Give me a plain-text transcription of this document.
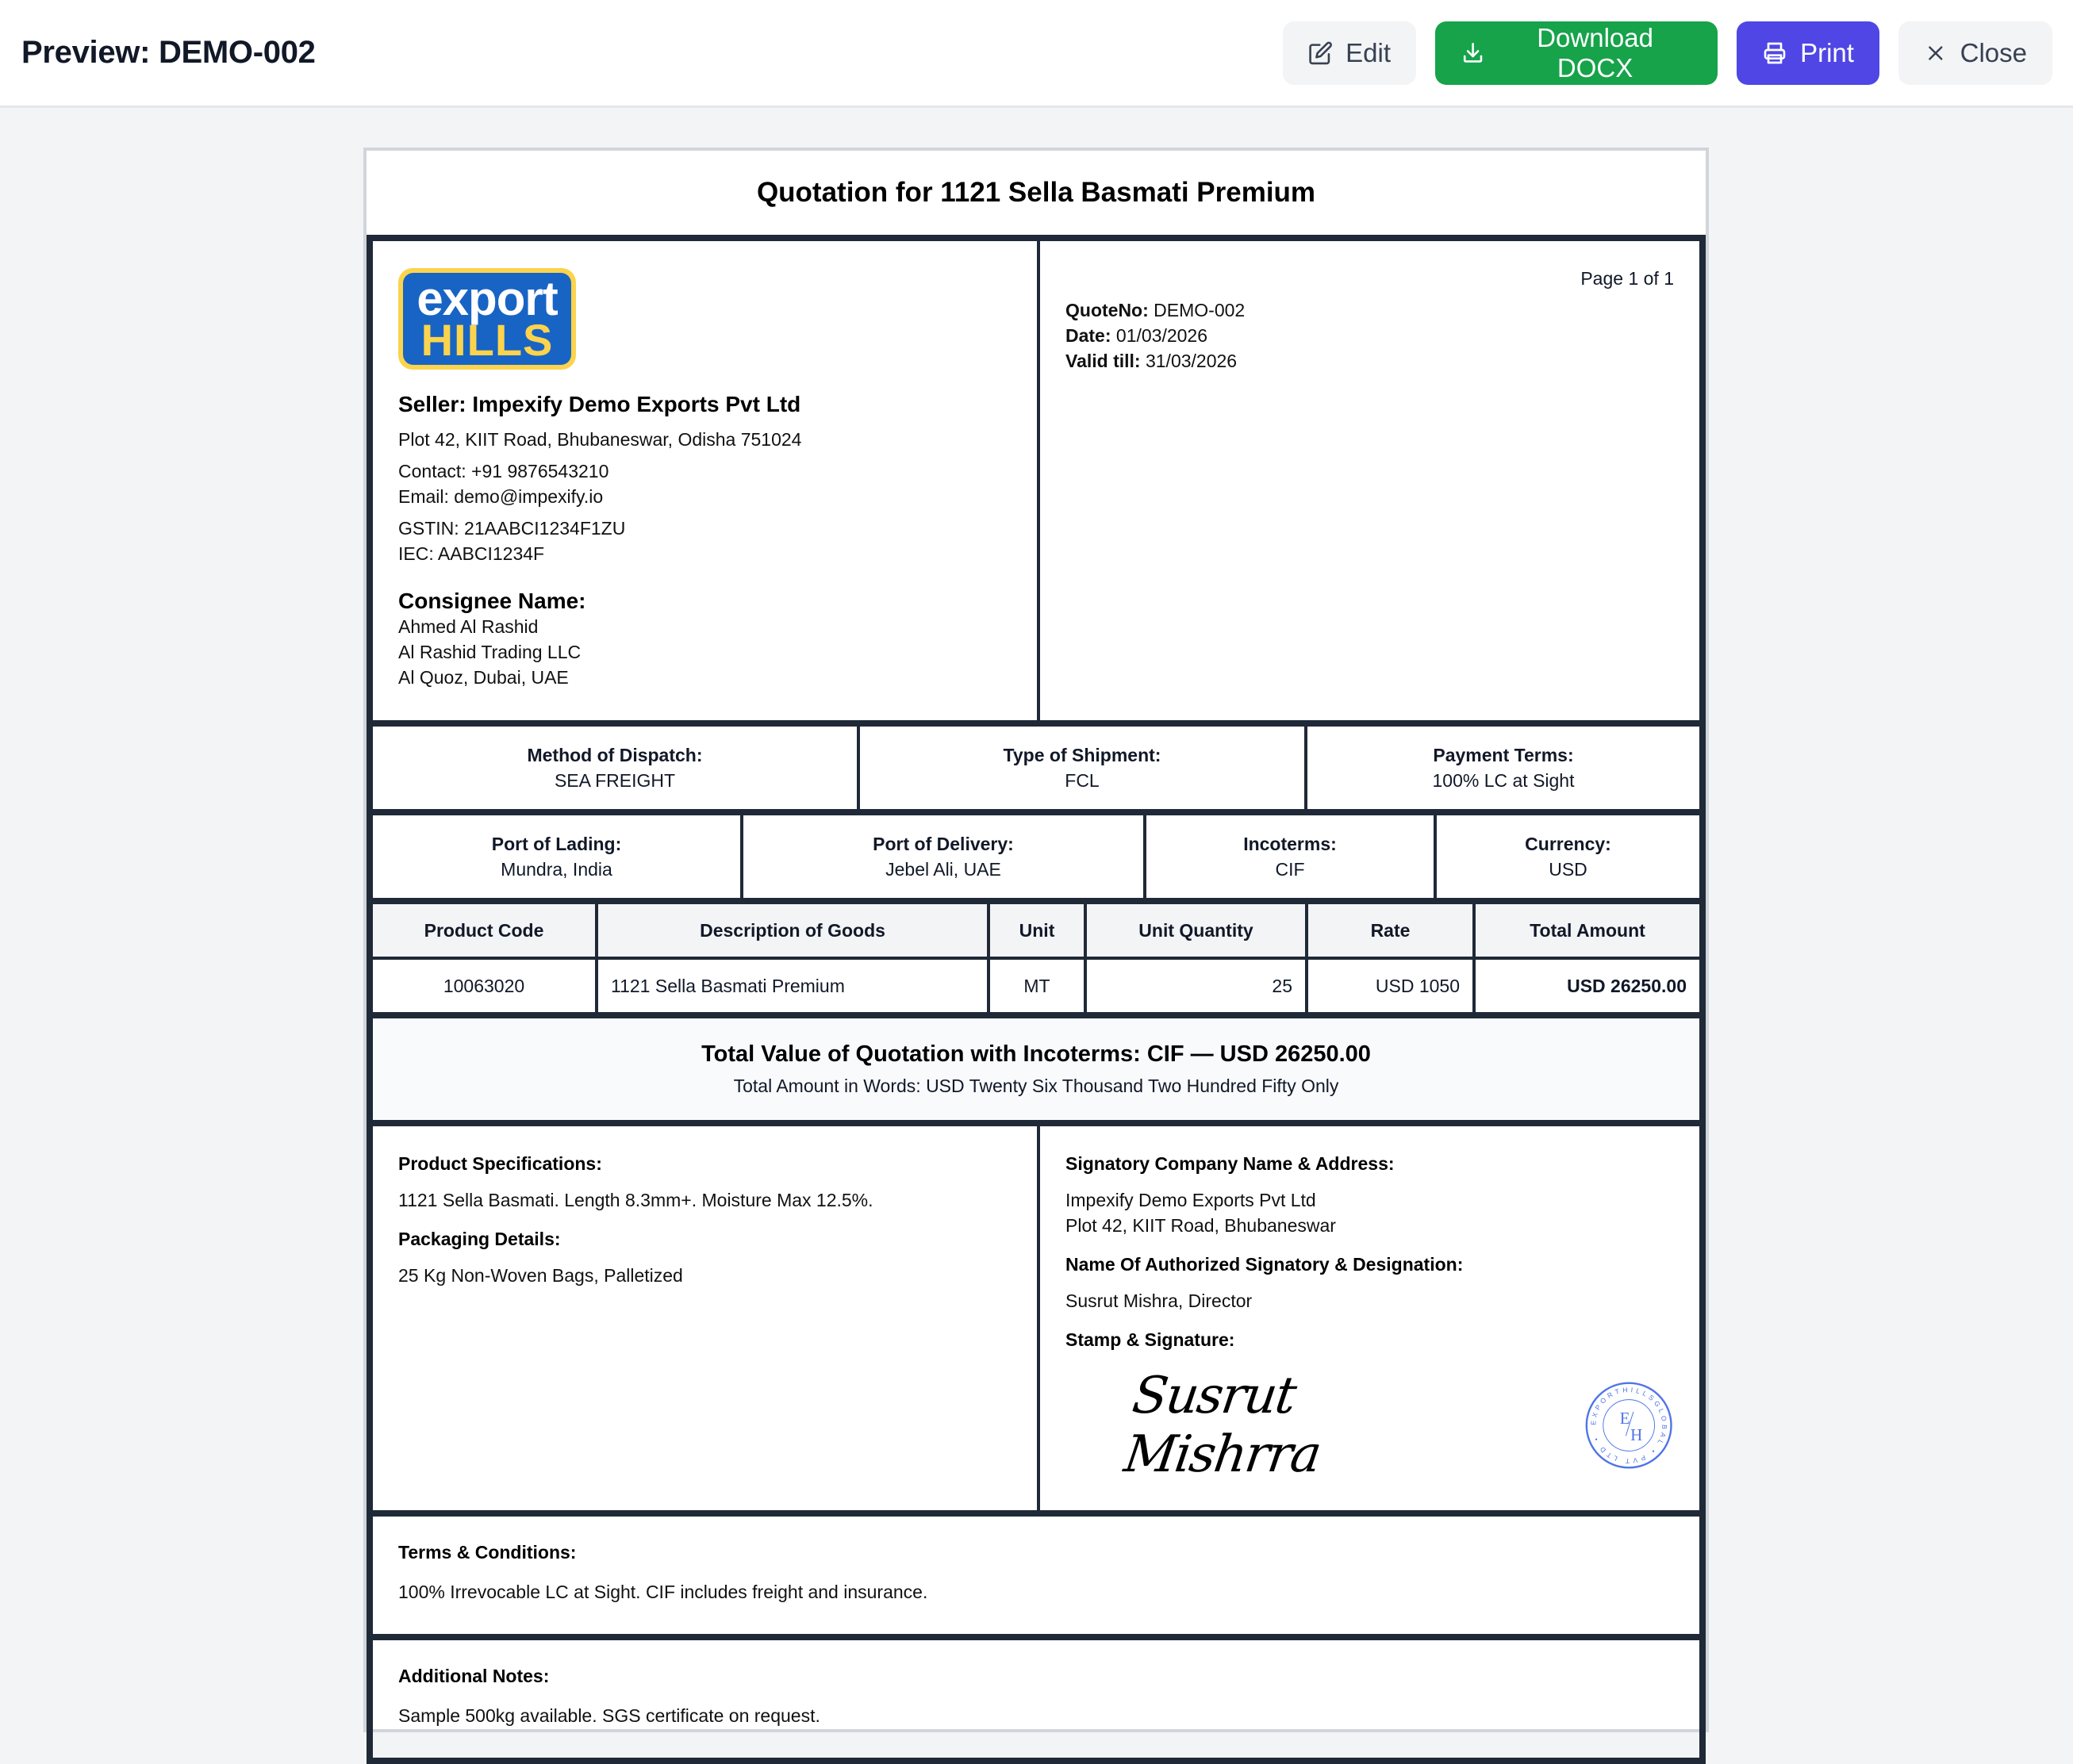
Preview: DEMO-002	Edit
Download DOCX
Print	Close
Quotation for 1121 Sella Basmati Premium
export
HILLS
Seller: Impexify Demo Exports Pvt Ltd
Plot 42, KIIT Road, Bhubaneswar, Odisha 751024
Contact: +91 9876543210
Email: demo@impexify.io
GSTIN: 21AABCI1234F1ZU
IEC: AABCI1234F
Consignee Name:
Ahmed Al Rashid
Al Rashid Trading LLC
Al Quoz, Dubai, UAE
Page 1 of 1
QuoteNo: DEMO-002
Date: 01/03/2026
Valid till: 31/03/2026
Method of Dispatch:
SEA FREIGHT
Type of Shipment:
FCL
Payment Terms:
100% LC at Sight
Port of Lading:
Mundra, India
Port of Delivery:
Jebel Ali, UAE
Incoterms:
CIF
Currency:
USD
Product Code	Description of Goods	Unit	Unit Quantity	Rate	Total Amount
10063020	1121 Sella Basmati Premium	MT	25	USD 1050	USD 26250.00
Total Value of Quotation with Incoterms: CIF — USD 26250.00
Total Amount in Words: USD Twenty Six Thousand Two Hundred Fifty Only
Product Specifications:
1121 Sella Basmati. Length 8.3mm+. Moisture Max 12.5%.
Packaging Details:
25 Kg Non-Woven Bags, Palletized
Signatory Company Name & Address:
Impexify Demo Exports Pvt Ltd
Plot 42, KIIT Road, Bhubaneswar
Name Of Authorized Signatory & Designation:
Susrut Mishra, Director
Stamp & Signature:
Susrut Mishrra
EXPORTHILLSGLOBAL • PVT LTD •
E
H
Terms & Conditions:
100% Irrevocable LC at Sight. CIF includes freight and insurance.
Additional Notes:
Sample 500kg available. SGS certificate on request.
